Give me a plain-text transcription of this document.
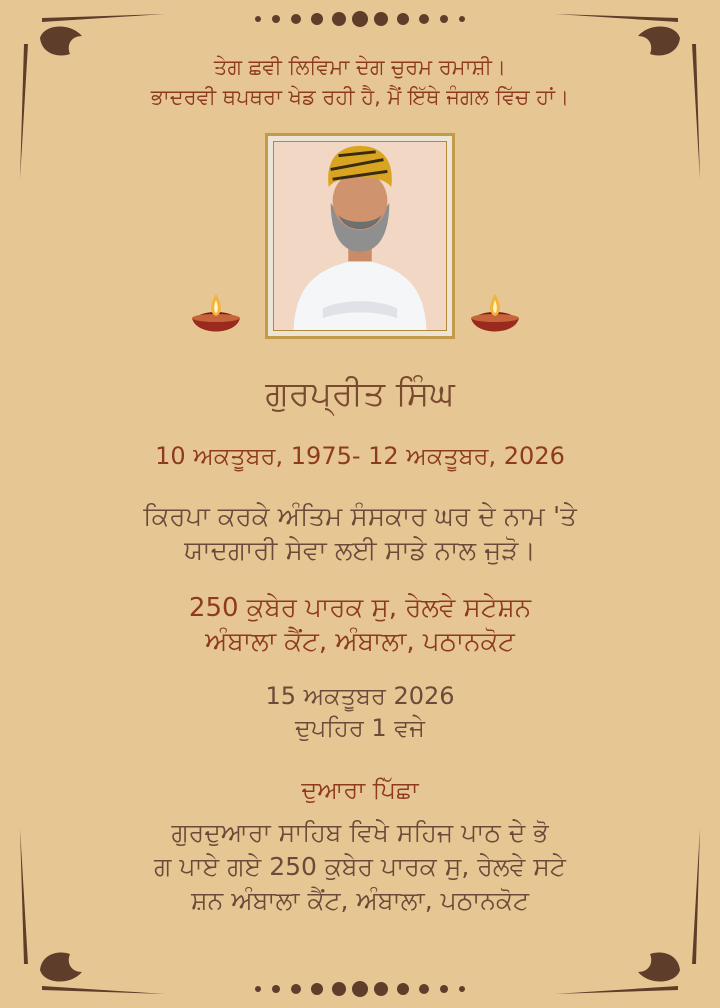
ਤੇਗ ਛਵੀ ਲਿਵਿਮਾ ਦੇਗ ਚੁਰਮ ਰਮਾਸ਼ੀ।
ਭਾਦਰਵੀ ਥਪਥਰਾ ਖੇਡ ਰਹੀ ਹੈ, ਮੈਂ ਇੱਥੇ ਜੰਗਲ ਵਿੱਚ ਹਾਂ।

ਗੁਰਪ੍ਰੀਤ ਸਿੰਘ

10 ਅਕਤੂਬਰ, 1975- 12 ਅਕਤੂਬਰ, 2026

ਕਿਰਪਾ ਕਰਕੇ ਅੰਤਿਮ ਸੰਸਕਾਰ ਘਰ ਦੇ ਨਾਮ 'ਤੇ
ਯਾਦਗਾਰੀ ਸੇਵਾ ਲਈ ਸਾਡੇ ਨਾਲ ਜੁੜੋ।

250 ਕੁਬੇਰ ਪਾਰਕ ਸੁ, ਰੇਲਵੇ ਸਟੇਸ਼ਨ
ਅੰਬਾਲਾ ਕੈਂਟ, ਅੰਬਾਲਾ, ਪਠਾਨਕੋਟ

15 ਅਕਤੂਬਰ 2026
ਦੁਪਹਿਰ 1 ਵਜੇ

ਦੁਆਰਾ ਪਿੱਛਾ

ਗੁਰਦੁਆਰਾ ਸਾਹਿਬ ਵਿਖੇ ਸਹਿਜ ਪਾਠ ਦੇ ਭੋ
ਗ ਪਾਏ ਗਏ 250 ਕੁਬੇਰ ਪਾਰਕ ਸੁ, ਰੇਲਵੇ ਸਟੇ
ਸ਼ਨ ਅੰਬਾਲਾ ਕੈਂਟ, ਅੰਬਾਲਾ, ਪਠਾਨਕੋਟ
